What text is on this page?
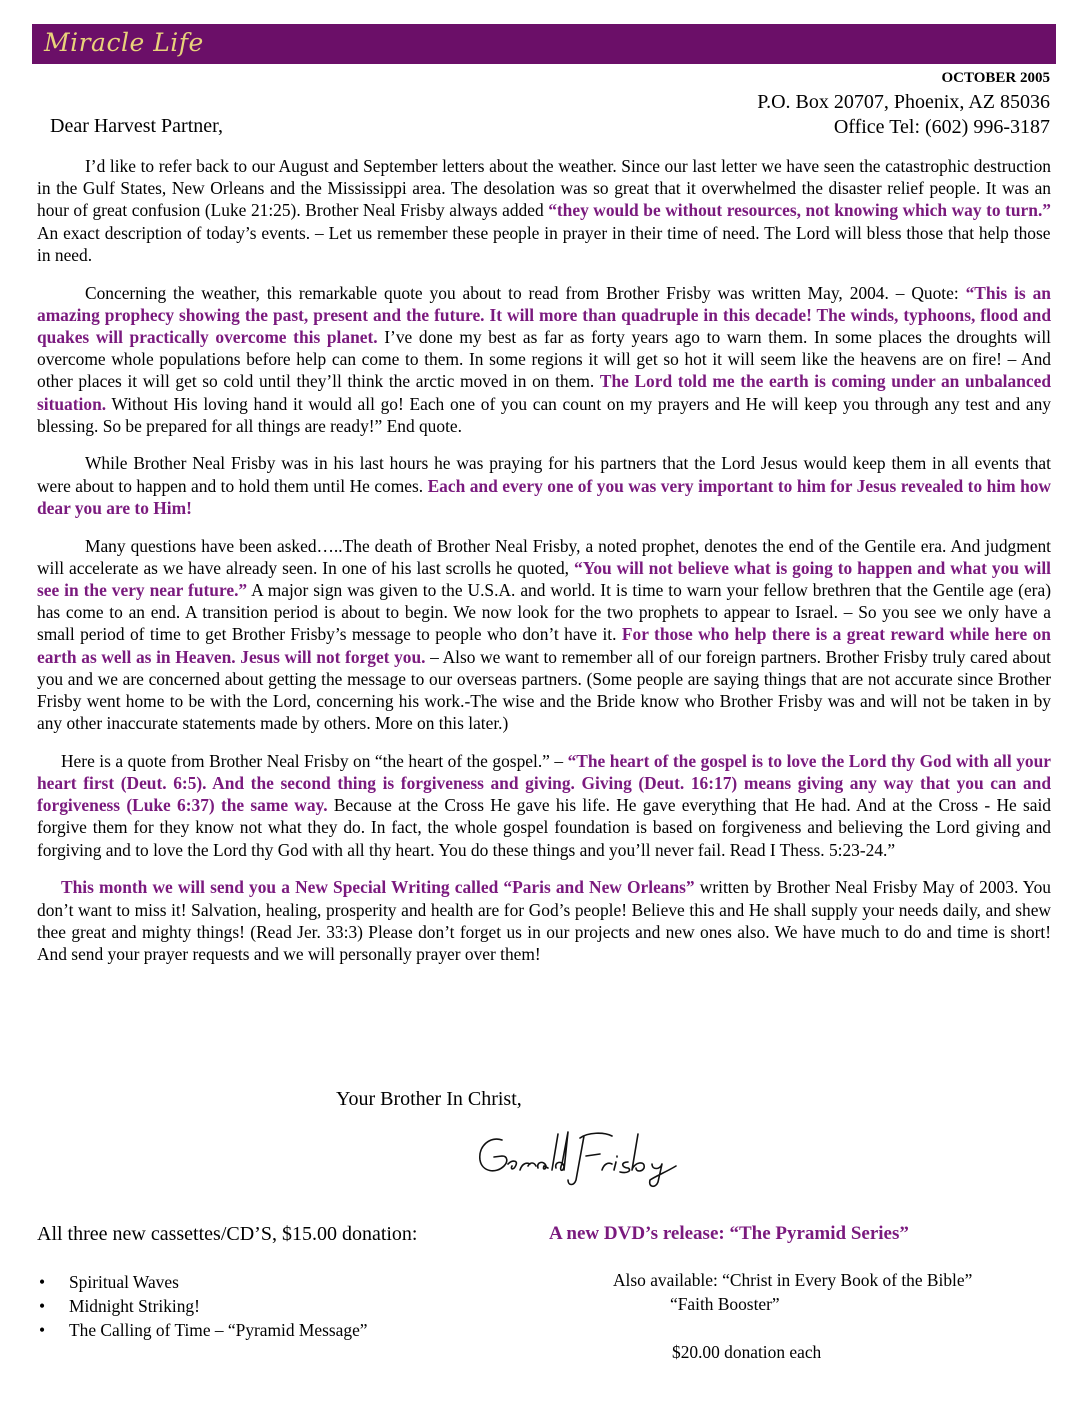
Miracle Life
OCTOBER 2005
P.O. Box 20707, Phoenix, AZ 85036
Office Tel: (602) 996-3187
Dear Harvest Partner,

I’d like to refer back to our August and September letters about the weather. Since our last letter we have seen the catastrophic destruction in the Gulf States, New Orleans and the Mississippi area. The desolation was so great that it overwhelmed the disaster relief people. It was an hour of great confusion (Luke 21:25). Brother Neal Frisby always added “they would be without resources, not knowing which way to turn.” An exact description of today’s events. – Let us remember these people in prayer in their time of need. The Lord will bless those that help those in need.

Concerning the weather, this remarkable quote you about to read from Brother Frisby was written May, 2004. – Quote: “This is an amazing prophecy showing the past, present and the future. It will more than quadruple in this decade! The winds, typhoons, flood and quakes will practically overcome this planet. I’ve done my best as far as forty years ago to warn them. In some places the droughts will overcome whole populations before help can come to them. In some regions it will get so hot it will seem like the heavens are on fire! – And other places it will get so cold until they’ll think the arctic moved in on them. The Lord told me the earth is coming under an unbalanced situation. Without His loving hand it would all go! Each one of you can count on my prayers and He will keep you through any test and any blessing. So be prepared for all things are ready!” End quote.

While Brother Neal Frisby was in his last hours he was praying for his partners that the Lord Jesus would keep them in all events that were about to happen and to hold them until He comes. Each and every one of you was very important to him for Jesus revealed to him how dear you are to Him!

Many questions have been asked…..The death of Brother Neal Frisby, a noted prophet, denotes the end of the Gentile era. And judgment will accelerate as we have already seen. In one of his last scrolls he quoted, “You will not believe what is going to happen and what you will see in the very near future.” A major sign was given to the U.S.A. and world. It is time to warn your fellow brethren that the Gentile age (era) has come to an end. A transition period is about to begin. We now look for the two prophets to appear to Israel. – So you see we only have a small period of time to get Brother Frisby’s message to people who don’t have it. For those who help there is a great reward while here on earth as well as in Heaven. Jesus will not forget you. – Also we want to remember all of our foreign partners. Brother Frisby truly cared about you and we are concerned about getting the message to our overseas partners. (Some people are saying things that are not accurate since Brother Frisby went home to be with the Lord, concerning his work.-The wise and the Bride know who Brother Frisby was and will not be taken in by any other inaccurate statements made by others. More on this later.)

Here is a quote from Brother Neal Frisby on “the heart of the gospel.” – “The heart of the gospel is to love the Lord thy God with all your heart first (Deut. 6:5). And the second thing is forgiveness and giving. Giving (Deut. 16:17) means giving any way that you can and forgiveness (Luke 6:37) the same way. Because at the Cross He gave his life. He gave everything that He had. And at the Cross - He said forgive them for they know not what they do. In fact, the whole gospel foundation is based on forgiveness and believing the Lord giving and forgiving and to love the Lord thy God with all thy heart. You do these things and you’ll never fail. Read I Thess. 5:23-24.”

This month we will send you a New Special Writing called “Paris and New Orleans” written by Brother Neal Frisby May of 2003. You don’t want to miss it! Salvation, healing, prosperity and health are for God’s people! Believe this and He shall supply your needs daily, and shew thee great and mighty things! (Read Jer. 33:3) Please don’t forget us in our projects and new ones also. We have much to do and time is short! And send your prayer requests and we will personally prayer over them!

Your Brother In Christ,
All three new cassettes/CD’S, $15.00 donation:	A new DVD’s release: “The Pyramid Series”
• Spiritual Waves
• Midnight Striking!
• The Calling of Time – “Pyramid Message”
Also available: “Christ in Every Book of the Bible”
“Faith Booster”
$20.00 donation each
